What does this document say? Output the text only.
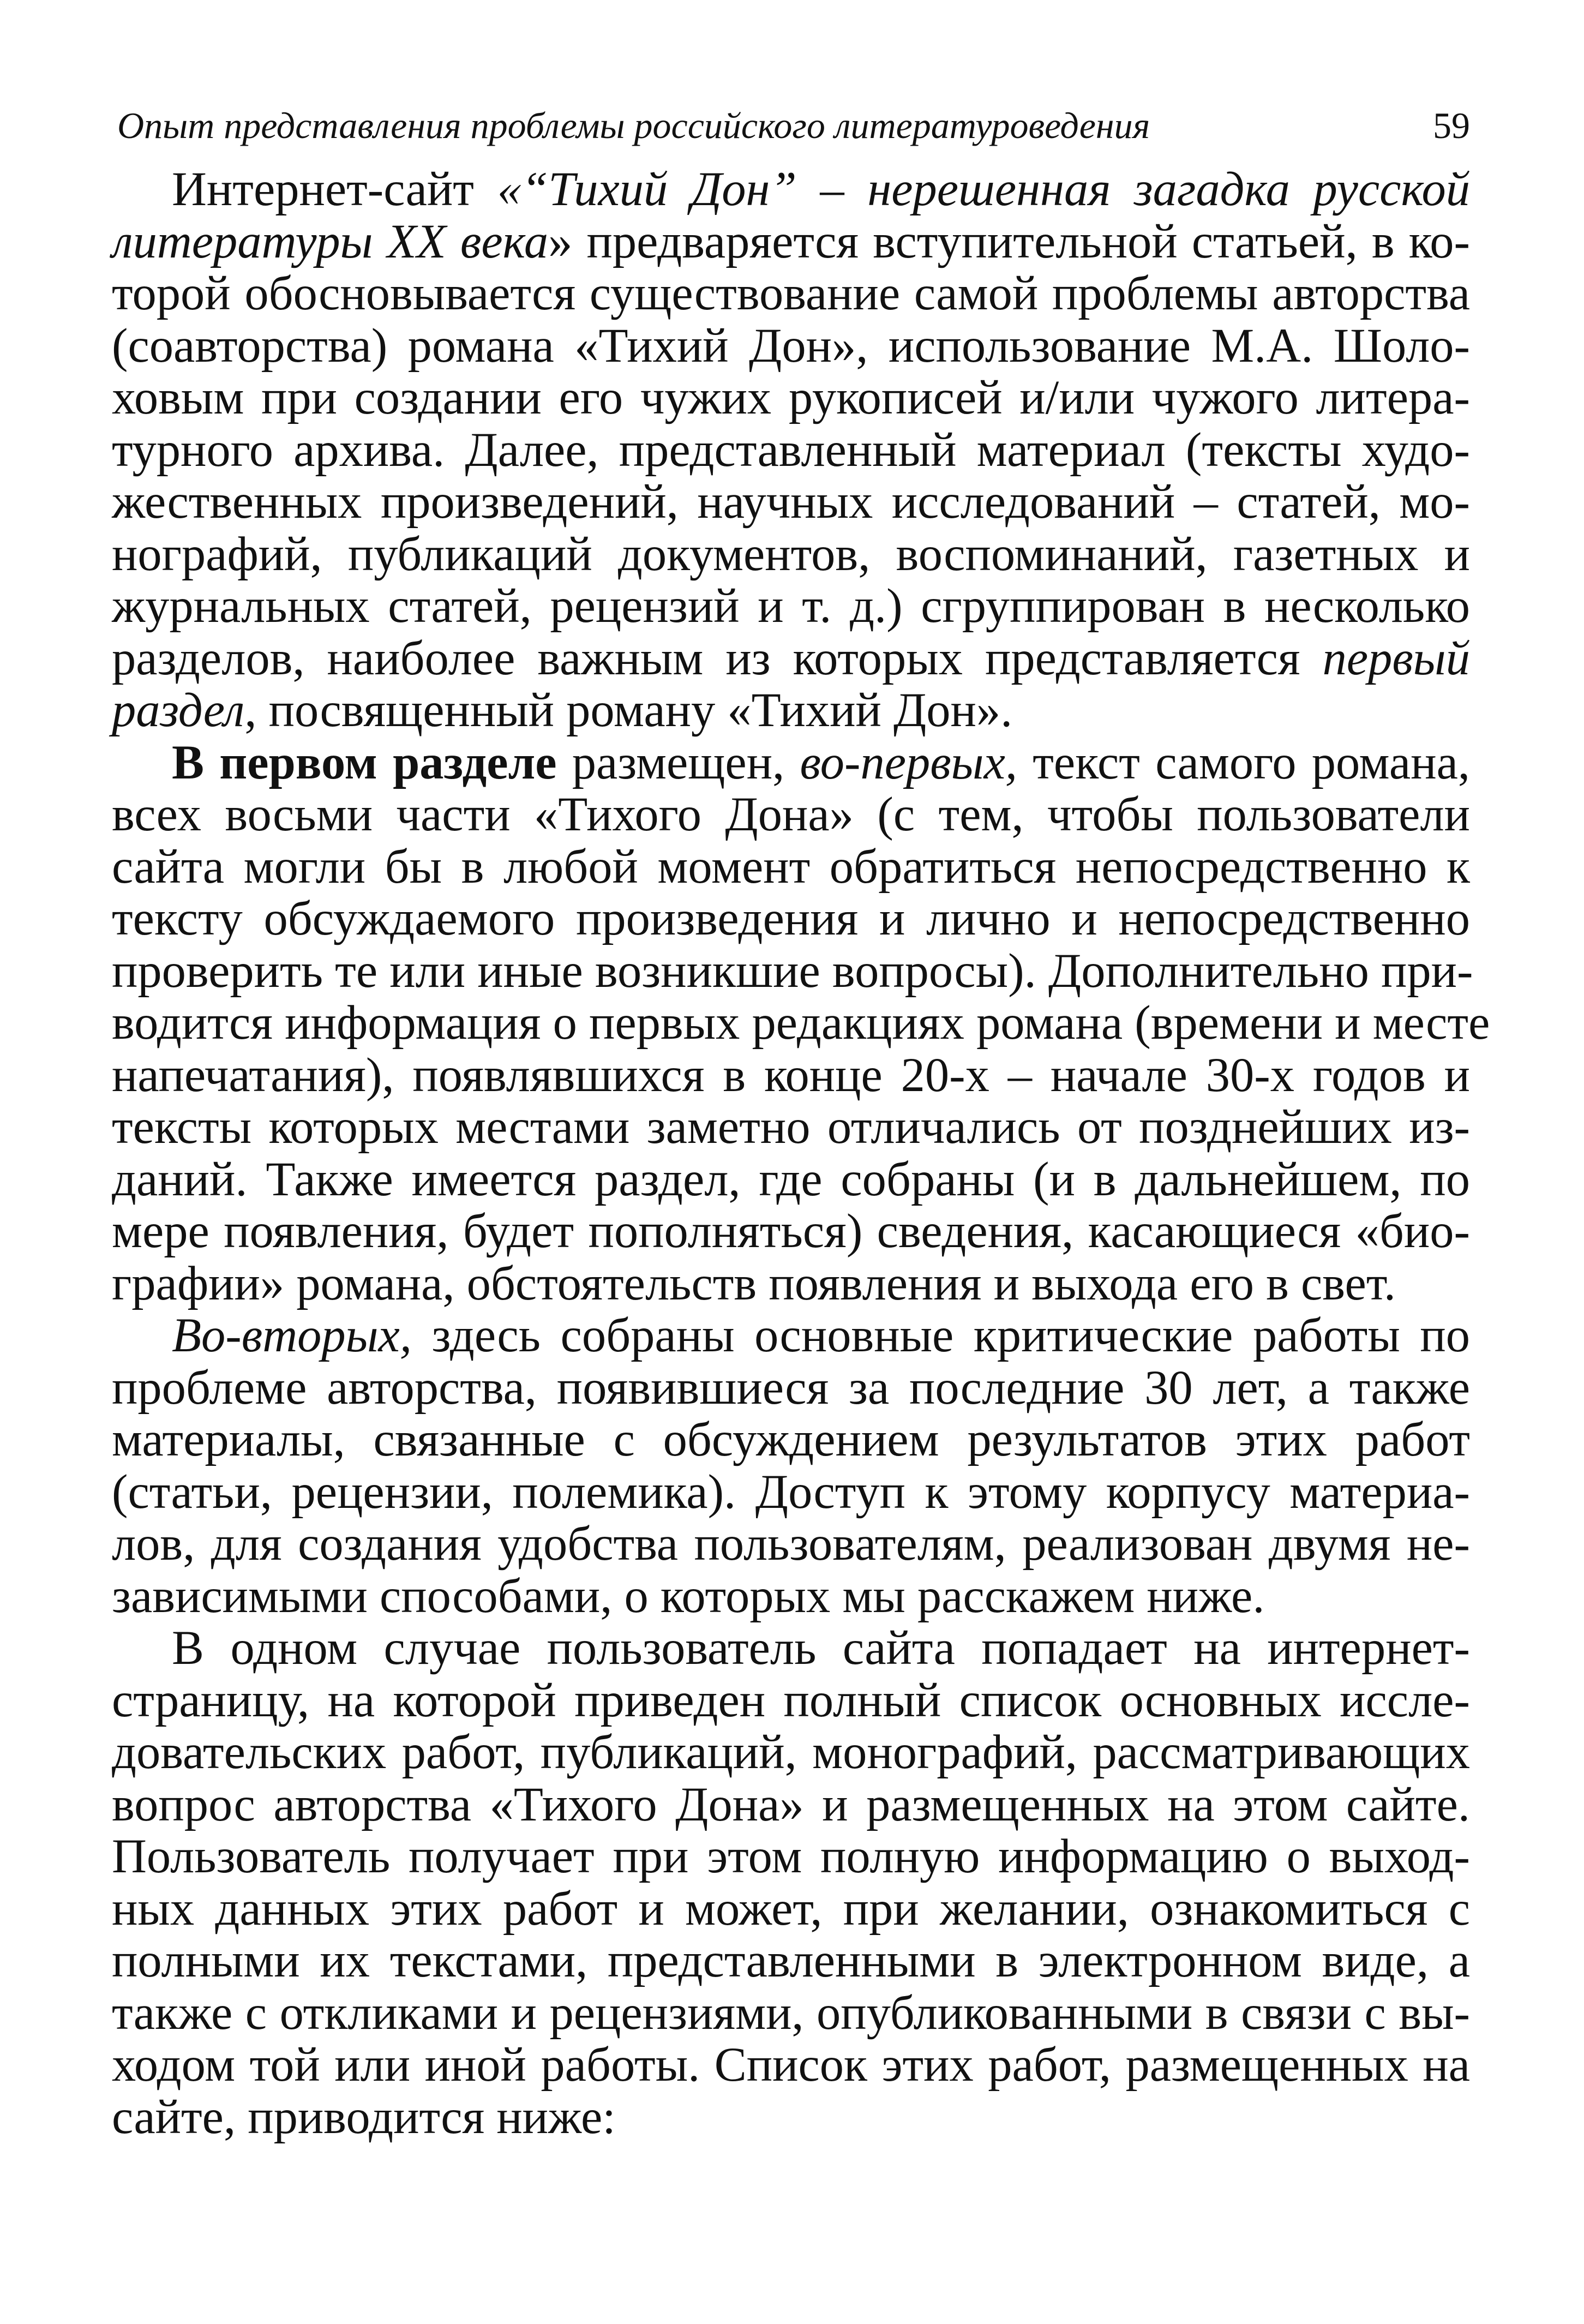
Опыт представления проблемы российского литературоведения	59

Интернет-сайт «“Тихий Дон” – нерешенная загадка русской
литературы XX века» предваряется вступительной статьей, в ко-
торой обосновывается существование самой проблемы авторства
(соавторства) романа «Тихий Дон», использование М.А. Шоло-
ховым при создании его чужих рукописей и/или чужого литера-
турного архива. Далее, представленный материал (тексты худо-
жественных произведений, научных исследований – статей, мо-
нографий, публикаций документов, воспоминаний, газетных и
журнальных статей, рецензий и т. д.) сгруппирован в несколько
разделов, наиболее важным из которых представляется первый
раздел, посвященный роману «Тихий Дон».

В первом разделе размещен, во-первых, текст самого романа,
всех восьми части «Тихого Дона» (с тем, чтобы пользователи
сайта могли бы в любой момент обратиться непосредственно к
тексту обсуждаемого произведения и лично и непосредственно
проверить те или иные возникшие вопросы). Дополнительно при-
водится информация о первых редакциях романа (времени и месте
напечатания), появлявшихся в конце 20-х – начале 30-х годов и
тексты которых местами заметно отличались от позднейших из-
даний. Также имеется раздел, где собраны (и в дальнейшем, по
мере появления, будет пополняться) сведения, касающиеся «био-
графии» романа, обстоятельств появления и выхода его в свет.

Во-вторых, здесь собраны основные критические работы по
проблеме авторства, появившиеся за последние 30 лет, а также
материалы, связанные с обсуждением результатов этих работ
(статьи, рецензии, полемика). Доступ к этому корпусу материа-
лов, для создания удобства пользователям, реализован двумя не-
зависимыми способами, о которых мы расскажем ниже.

В одном случае пользователь сайта попадает на интернет-
страницу, на которой приведен полный список основных иссле-
довательских работ, публикаций, монографий, рассматривающих
вопрос авторства «Тихого Дона» и размещенных на этом сайте.
Пользователь получает при этом полную информацию о выход-
ных данных этих работ и может, при желании, ознакомиться с
полными их текстами, представленными в электронном виде, а
также с откликами и рецензиями, опубликованными в связи с вы-
ходом той или иной работы. Список этих работ, размещенных на
сайте, приводится ниже:
